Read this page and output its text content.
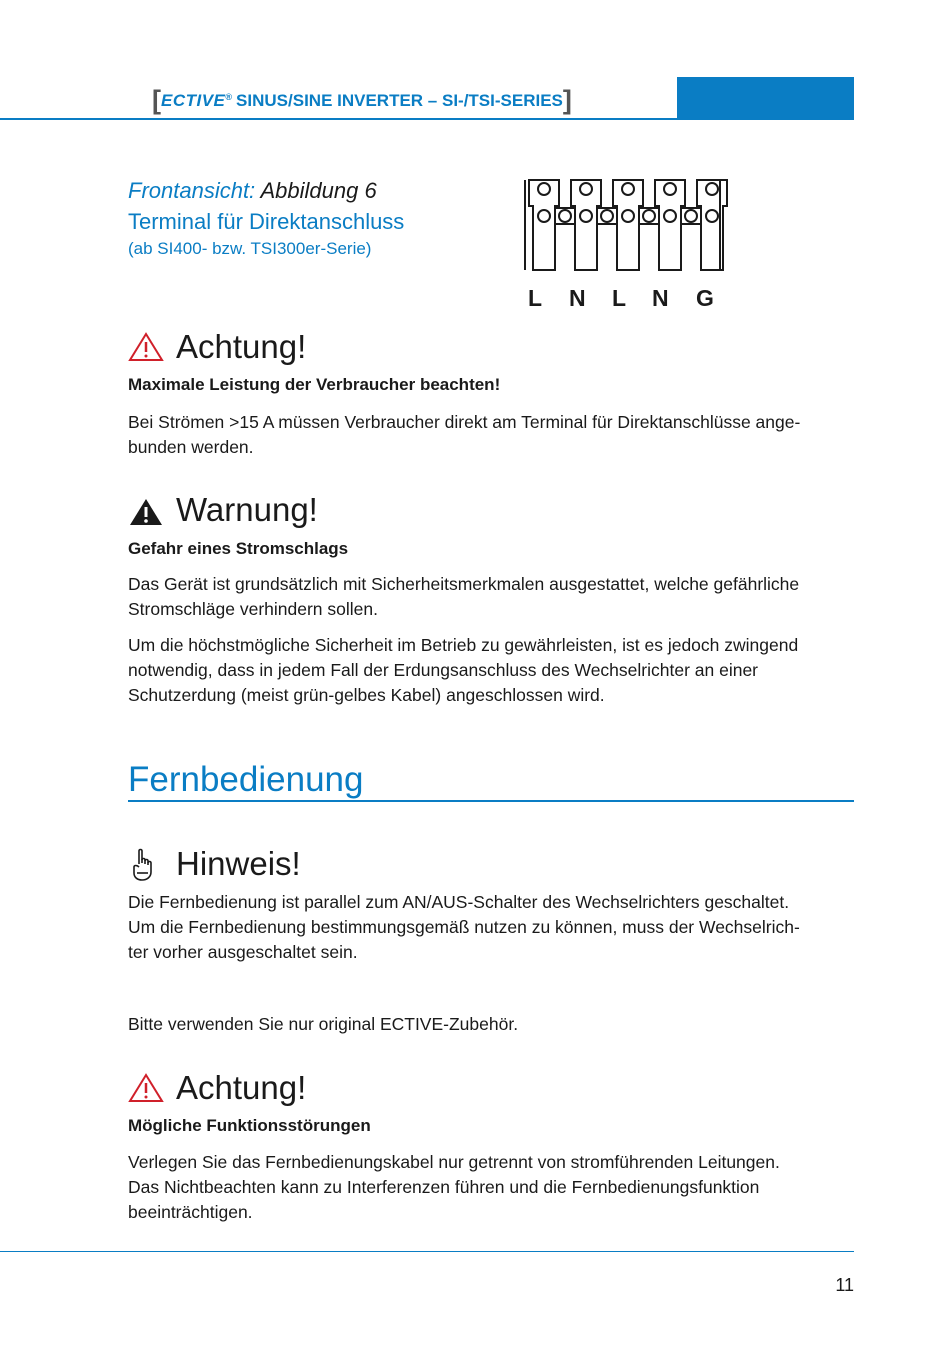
[ECTIVE® SINUS/SINE INVERTER – SI-/TSI-SERIES]
Frontansicht: Abbildung 6
Terminal für Direktanschluss
(ab SI400- bzw. TSI300er-Serie)
L N L N G
Achtung!
Maximale Leistung der Verbraucher beachten!
Bei Strömen >15 A müssen Verbraucher direkt am Terminal für Direktanschlüsse ange-
bunden werden.
Warnung!
Gefahr eines Stromschlags
Das Gerät ist grundsätzlich mit Sicherheitsmerkmalen ausgestattet, welche gefährliche
Stromschläge verhindern sollen.
Um die höchstmögliche Sicherheit im Betrieb zu gewährleisten, ist es jedoch zwingend
notwendig, dass in jedem Fall der Erdungsanschluss des Wechselrichter an einer
Schutzerdung (meist grün-gelbes Kabel) angeschlossen wird.
Fernbedienung
Hinweis!
Die Fernbedienung ist parallel zum AN/AUS-Schalter des Wechselrichters geschaltet.
Um die Fernbedienung bestimmungsgemäß nutzen zu können, muss der Wechselrich-
ter vorher ausgeschaltet sein.
Bitte verwenden Sie nur original ECTIVE-Zubehör.
Achtung!
Mögliche Funktionsstörungen
Verlegen Sie das Fernbedienungskabel nur getrennt von stromführenden Leitungen.
Das Nichtbeachten kann zu Interferenzen führen und die Fernbedienungsfunktion
beeinträchtigen.
11
